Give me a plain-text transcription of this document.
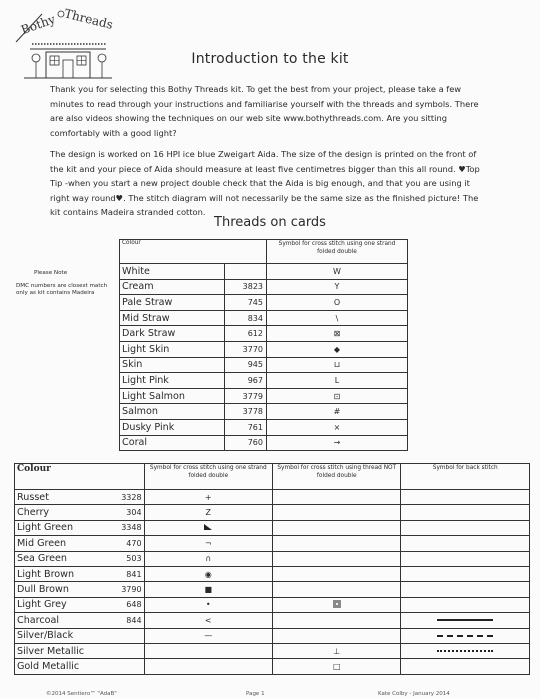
Bothy Threads
Introduction to the kit

Thank you for selecting this Bothy Threads kit. To get the best from your project, please take a few minutes to read through your instructions and familiarise yourself with the threads and symbols. There are also videos showing the techniques on our web site www.bothythreads.com. Are you sitting comfortably with a good light?

The design is worked on 16 HPI ice blue Zweigart Aida. The size of the design is printed on the front of the kit and your piece of Aida should measure at least five centimetres bigger than this all round. ♥Top Tip -when you start a new project double check that the Aida is big enough, and that you are using it right way round♥. The stitch diagram will not necessarily be the same size as the finished picture! The kit contains Madeira stranded cotton.

Threads on cards
Please Note
DMC numbers are closest match only as kit contains Madeira
Colour		Symbol for cross stitch using one strand folded double
White		W
Cream	3823	Y
Pale Straw	745	O
Mid Straw	834	\
Dark Straw	612	⊠
Light Skin	3770	◆
Skin	945	⊔
Light Pink	967	L
Light Salmon	3779	⊡
Salmon	3778	#
Dusky Pink	761	×
Coral	760	→
Colour		Symbol for cross stitch using one strand folded double	Symbol for cross stitch using thread NOT folded double	Symbol for back stitch
Russet	3328	+		
Cherry	304	Z		
Light Green	3348			
Mid Green	470	¬		
Sea Green	503	∩		
Light Brown	841	◉		
Dull Brown	3790	■		
Light Grey	648	•		
Charcoal	844	<		
Silver/Black		—		
Silver Metallic			⊥	
Gold Metallic			□	
©2014 Sentiero™ "AdaB"	Page 1	Kate Colby - January 2014
